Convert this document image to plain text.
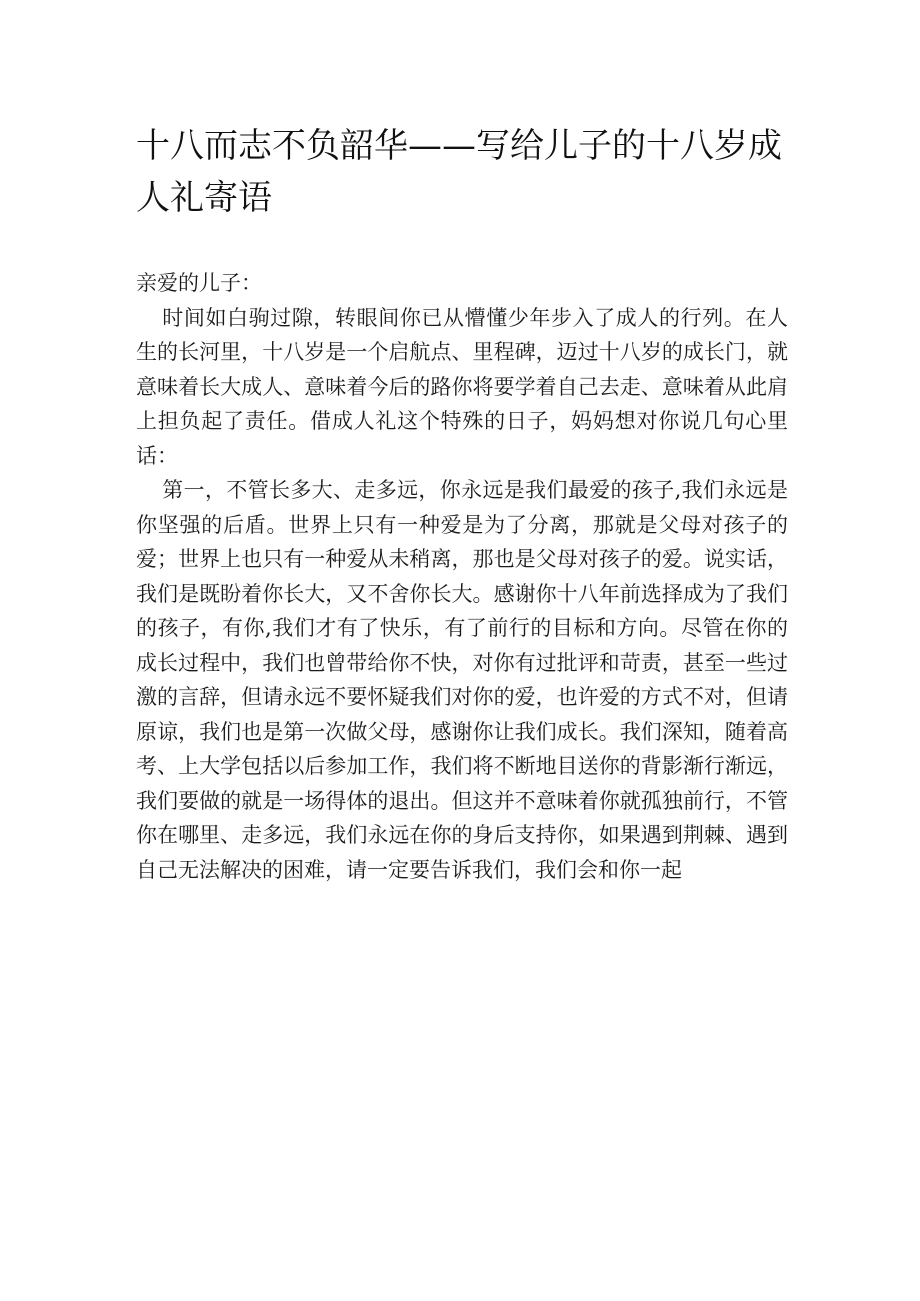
十八而志不负韶华——写给儿子的十八岁成人礼寄语

亲爱的儿子：

时间如白驹过隙，转眼间你已从懵懂少年步入了成人的行列。在人生的长河里，十八岁是一个启航点、里程碑，迈过十八岁的成长门，就意味着长大成人、意味着今后的路你将要学着自己去走、意味着从此肩上担负起了责任。借成人礼这个特殊的日子，妈妈想对你说几句心里话：

第一，不管长多大、走多远，你永远是我们最爱的孩子,我们永远是你坚强的后盾。世界上只有一种爱是为了分离，那就是父母对孩子的爱；世界上也只有一种爱从未稍离，那也是父母对孩子的爱。说实话，我们是既盼着你长大，又不舍你长大。感谢你十八年前选择成为了我们的孩子，有你,我们才有了快乐，有了前行的目标和方向。尽管在你的成长过程中，我们也曾带给你不快，对你有过批评和苛责，甚至一些过激的言辞，但请永远不要怀疑我们对你的爱，也许爱的方式不对，但请原谅，我们也是第一次做父母，感谢你让我们成长。我们深知，随着高考、上大学包括以后参加工作，我们将不断地目送你的背影渐行渐远，我们要做的就是一场得体的退出。但这并不意味着你就孤独前行，不管你在哪里、走多远，我们永远在你的身后支持你，如果遇到荆棘、遇到自己无法解决的困难，请一定要告诉我们，我们会和你一起
